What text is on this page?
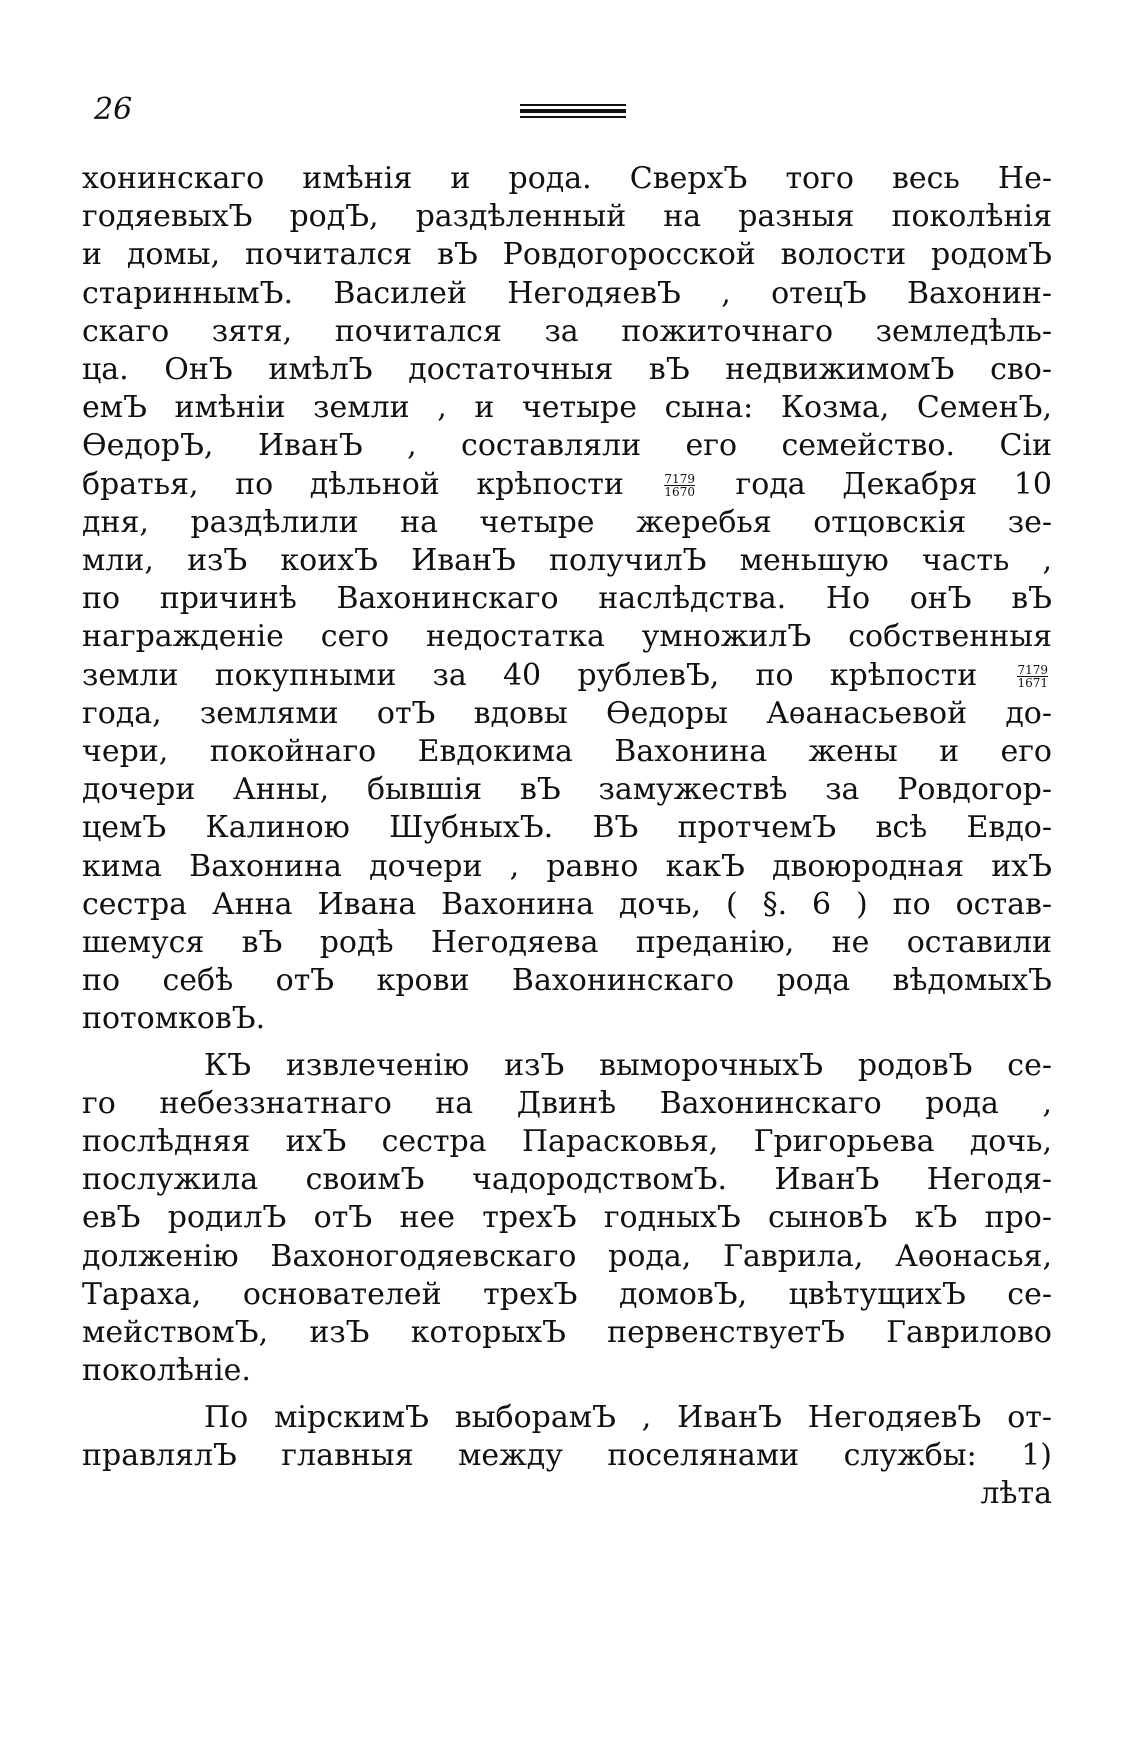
26
хонинскаго имѣнія и рода. СверхЪ того весь Не-
годяевыхЪ родЪ, раздѣленный на разныя поколѣнія
и домы, почитался вЪ Ровдогоросской волости родомЪ
стариннымЪ. Василей НегодяевЪ , отецЪ Вахонин-
скаго зятя, почитался за пожиточнаго земледѣль-
ца. ОнЪ имѣлЪ достаточныя вЪ недвижимомЪ сво-
емЪ имѣніи земли , и четыре сына: Козма, СеменЪ,
ѲедорЪ, ИванЪ , составляли его семейство. Сіи
братья, по дѣльной крѣпости	$\frac{7179}{1670}$ года Декабря 10
дня, раздѣлили на четыре жеребья отцовскія зе-
мли, изЪ коихЪ ИванЪ получилЪ меньшую часть ,
по причинѣ Вахонинскаго наслѣдства. Но онЪ вЪ
награжденіе сего недостатка умножилЪ собственныя
земли покупными за 40 рублевЪ, по крѣпости	$\frac{7179}{1671}$
года, землями отЪ вдовы Ѳедоры Аѳанасьевой до-
чери, покойнаго Евдокима Вахонина жены и его
дочери Анны, бывшія вЪ замужествѣ за Ровдогор-
цемЪ Калиною ШубныхЪ. ВЪ протчемЪ всѣ Евдо-
кима Вахонина дочери , равно какЪ двоюродная ихЪ
сестра Анна Ивана Вахонина дочь, ( §. 6 ) по остав-
шемуся вЪ родѣ Негодяева преданію, не оставили
по себѣ отЪ крови Вахонинскаго рода вѣдомыхЪ
потомковЪ.
КЪ извлеченію изЪ выморочныхЪ родовЪ се-
го небеззнатнаго на Двинѣ Вахонинскаго рода ,
послѣдняя ихЪ сестра Парасковья, Григорьева дочь,
послужила своимЪ чадородствомЪ. ИванЪ Негодя-
евЪ родилЪ отЪ нее трехЪ годныхЪ сыновЪ кЪ про-
долженію Вахоногодяевскаго рода, Гаврила, Аѳонасья,
Тараха, основателей трехЪ домовЪ, цвѣтущихЪ се-
мействомЪ, изЪ которыхЪ первенствуетЪ Гаврилово
поколѣніе.
По мірскимЪ выборамЪ , ИванЪ НегодяевЪ от-
правлялЪ главныя между поселянами службы: 1)
лѣта
